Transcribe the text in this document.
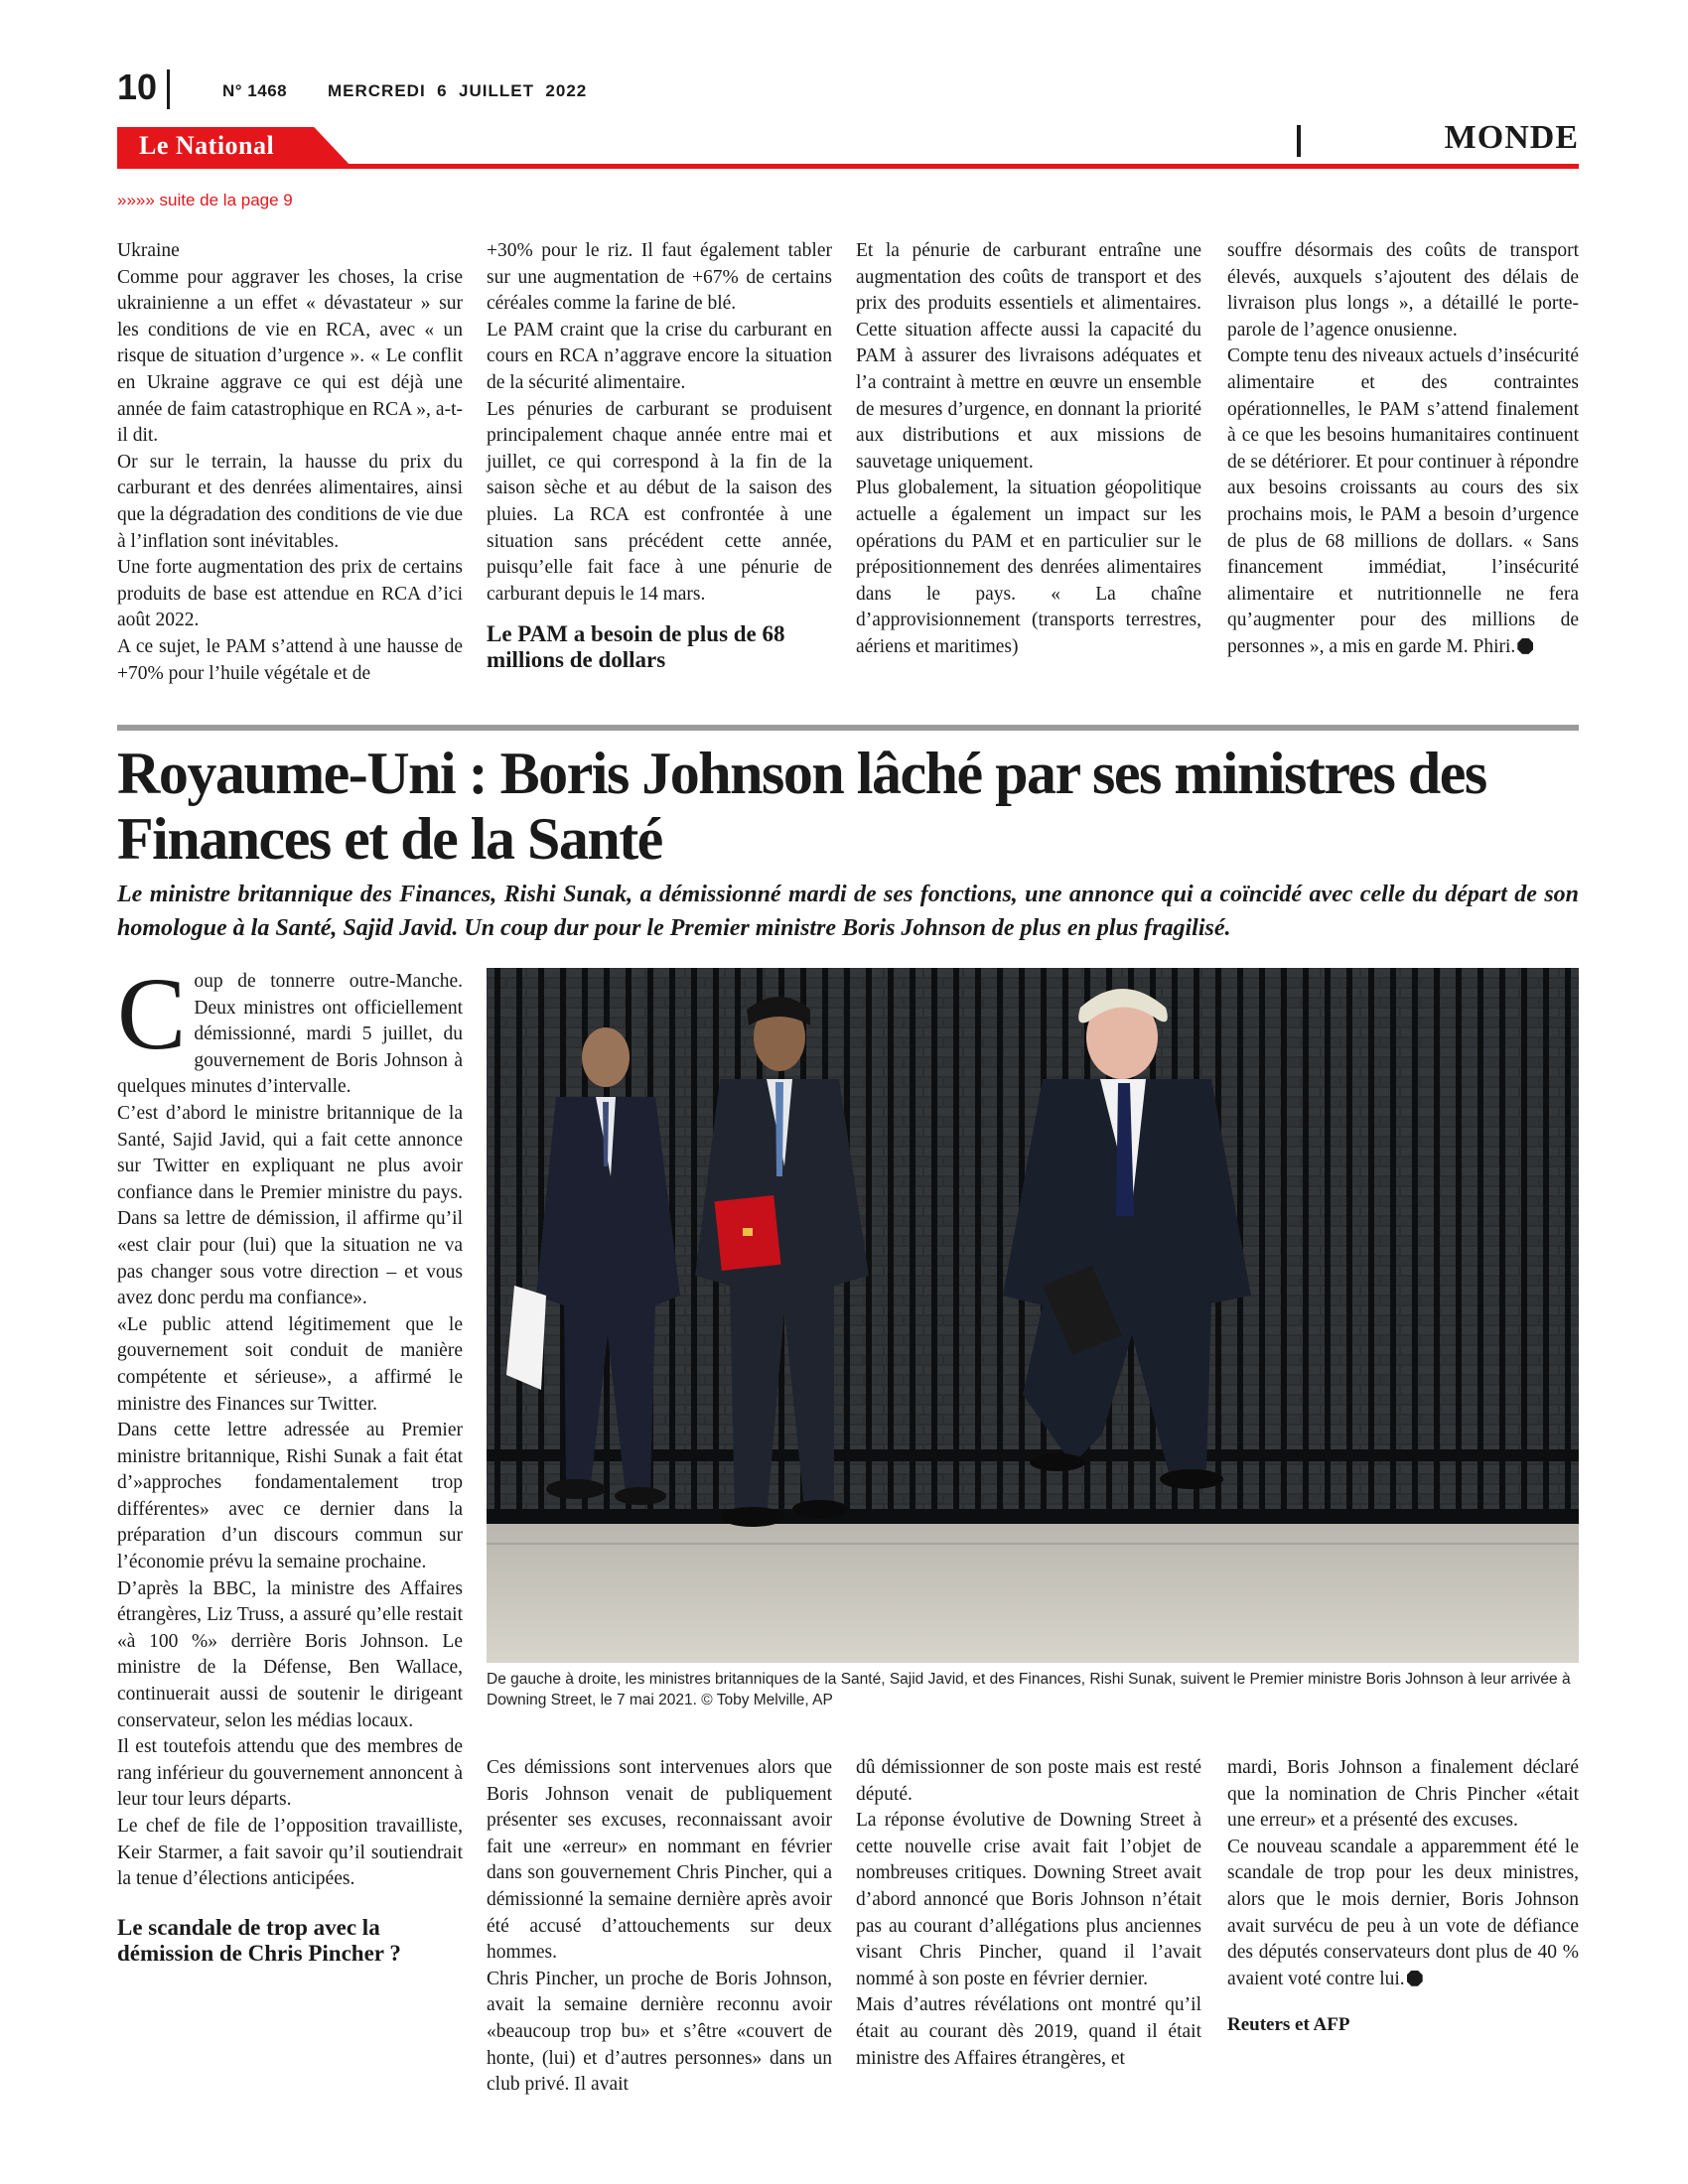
10	N° 1468 MERCREDI  6  JUILLET  2022
Le National	MONDE
»»»» suite de la page 9

Ukraine

Comme pour aggraver les choses, la crise ukrainienne a un effet « dévastateur » sur les conditions de vie en RCA, avec « un risque de situation d’urgence ». « Le conflit en Ukraine aggrave ce qui est déjà une année de faim catastrophique en RCA », a-t-il dit.

Or sur le terrain, la hausse du prix du carburant et des denrées alimentaires, ainsi que la dégradation des conditions de vie due à l’inflation sont inévitables.

Une forte augmentation des prix de certains produits de base est attendue en RCA d’ici août 2022.

A ce sujet, le PAM s’attend à une hausse de +70% pour l’huile végétale et de

+30% pour le riz. Il faut également tabler sur une augmentation de +67% de certains céréales comme la farine de blé.

Le PAM craint que la crise du carburant en cours en RCA n’aggrave encore la situation de la sécurité alimentaire.

Les pénuries de carburant se produisent principalement chaque année entre mai et juillet, ce qui correspond à la fin de la saison sèche et au début de la saison des pluies. La RCA est confrontée à une situation sans précédent cette année, puisqu’elle fait face à une pénurie de carburant depuis le 14 mars.

Le PAM a besoin de plus de 68 millions de dollars

Et la pénurie de carburant entraîne une augmentation des coûts de transport et des prix des produits essentiels et alimentaires. Cette situation affecte aussi la capacité du PAM à assurer des livraisons adéquates et l’a contraint à mettre en œuvre un ensemble de mesures d’urgence, en donnant la priorité aux distributions et aux missions de sauvetage uniquement.

Plus globalement, la situation géopolitique actuelle a également un impact sur les opérations du PAM et en particulier sur le prépositionnement des denrées alimentaires dans le pays. « La chaîne d’approvisionnement (transports terrestres, aériens et maritimes)

souffre désormais des coûts de transport élevés, auxquels s’ajoutent des délais de livraison plus longs », a détaillé le porte-parole de l’agence onusienne.

Compte tenu des niveaux actuels d’insécurité alimentaire et des contraintes opérationnelles, le PAM s’attend finalement à ce que les besoins humanitaires continuent de se détériorer. Et pour continuer à répondre aux besoins croissants au cours des six prochains mois, le PAM a besoin d’urgence de plus de 68 millions de dollars. « Sans financement immédiat, l’insécurité alimentaire et nutritionnelle ne fera qu’augmenter pour des millions de personnes », a mis en garde M. Phiri.

Royaume-Uni : Boris Johnson lâché par ses ministres des Finances et de la Santé
Le ministre britannique des Finances, Rishi Sunak, a démissionné mardi de ses fonctions, une annonce qui a coïncidé avec celle du départ de son homologue à la Santé, Sajid Javid. Un coup dur pour le Premier ministre Boris Johnson de plus en plus fragilisé.

Coup de tonnerre outre-Manche. Deux ministres ont officiellement démissionné, mardi 5 juillet, du gouvernement de Boris Johnson à quelques minutes d’intervalle.

C’est d’abord le ministre britannique de la Santé, Sajid Javid, qui a fait cette annonce sur Twitter en expliquant ne plus avoir confiance dans le Premier ministre du pays. Dans sa lettre de démission, il affirme qu’il «est clair pour (lui) que la situation ne va pas changer sous votre direction – et vous avez donc perdu ma confiance».

«Le public attend légitimement que le gouvernement soit conduit de manière compétente et sérieuse», a affirmé le ministre des Finances sur Twitter.

Dans cette lettre adressée au Premier ministre britannique, Rishi Sunak a fait état d’»approches fondamentalement trop différentes» avec ce dernier dans la préparation d’un discours commun sur l’économie prévu la semaine prochaine.

D’après la BBC, la ministre des Affaires étrangères, Liz Truss, a assuré qu’elle restait «à 100 %» derrière Boris Johnson. Le ministre de la Défense, Ben Wallace, continuerait aussi de soutenir le dirigeant conservateur, selon les médias locaux.

Il est toutefois attendu que des membres de rang inférieur du gouvernement annoncent à leur tour leurs départs.

Le chef de file de l’opposition travailliste, Keir Starmer, a fait savoir qu’il soutiendrait la tenue d’élections anticipées.

Le scandale de trop avec la démission de Chris Pincher ?

De gauche à droite, les ministres britanniques de la Santé, Sajid Javid, et des Finances, Rishi Sunak, suivent le Premier ministre Boris Johnson à leur arrivée à Downing Street, le 7 mai 2021. © Toby Melville, AP

Ces démissions sont intervenues alors que Boris Johnson venait de publiquement présenter ses excuses, reconnaissant avoir fait une «erreur» en nommant en février dans son gouvernement Chris Pincher, qui a démissionné la semaine dernière après avoir été accusé d’attouchements sur deux hommes.

Chris Pincher, un proche de Boris Johnson, avait la semaine dernière reconnu avoir «beaucoup trop bu» et s’être «couvert de honte, (lui) et d’autres personnes» dans un club privé. Il avait

dû démissionner de son poste mais est resté député.

La réponse évolutive de Downing Street à cette nouvelle crise avait fait l’objet de nombreuses critiques. Downing Street avait d’abord annoncé que Boris Johnson n’était pas au courant d’allégations plus anciennes visant Chris Pincher, quand il l’avait nommé à son poste en février dernier.

Mais d’autres révélations ont montré qu’il était au courant dès 2019, quand il était ministre des Affaires étrangères, et

mardi, Boris Johnson a finalement déclaré que la nomination de Chris Pincher «était une erreur» et a présenté des excuses.

Ce nouveau scandale a apparemment été le scandale de trop pour les deux ministres, alors que le mois dernier, Boris Johnson avait survécu de peu à un vote de défiance des députés conservateurs dont plus de 40 % avaient voté contre lui.

Reuters et AFP
